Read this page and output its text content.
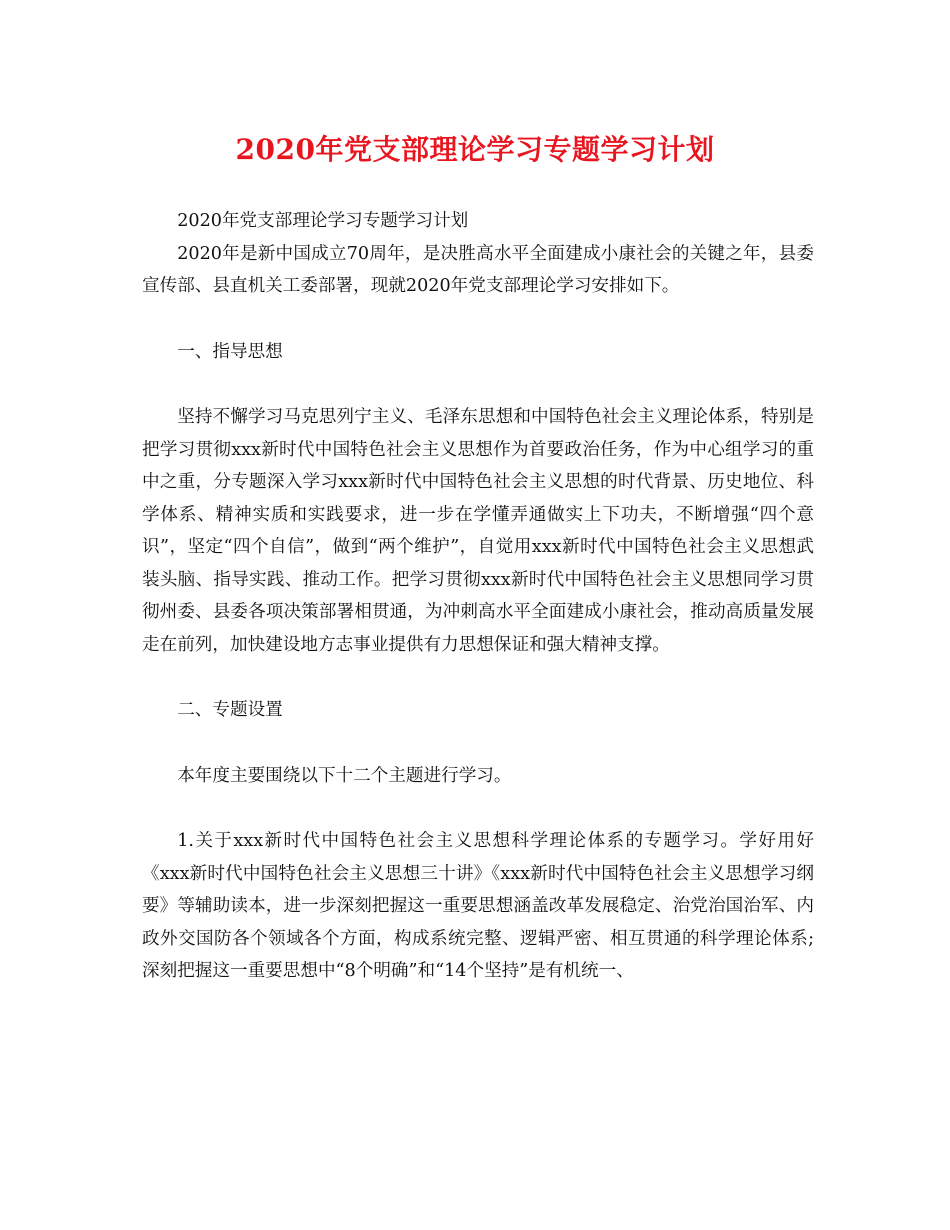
2020年党支部理论学习专题学习计划

2020年党支部理论学习专题学习计划

2020年是新中国成立70周年，是决胜高水平全面建成小康社会的关键之年，县委宣传部、县直机关工委部署，现就2020年党支部理论学习安排如下。

一、指导思想

坚持不懈学习马克思列宁主义、毛泽东思想和中国特色社会主义理论体系，特别是把学习贯彻xxx新时代中国特色社会主义思想作为首要政治任务，作为中心组学习的重中之重，分专题深入学习xxx新时代中国特色社会主义思想的时代背景、历史地位、科学体系、精神实质和实践要求，进一步在学懂弄通做实上下功夫，不断增强“四个意识”，坚定“四个自信”，做到“两个维护”，自觉用xxx新时代中国特色社会主义思想武装头脑、指导实践、推动工作。把学习贯彻xxx新时代中国特色社会主义思想同学习贯彻州委、县委各项决策部署相贯通，为冲刺高水平全面建成小康社会，推动高质量发展走在前列，加快建设地方志事业提供有力思想保证和强大精神支撑。

二、专题设置

本年度主要围绕以下十二个主题进行学习。

1.关于xxx新时代中国特色社会主义思想科学理论体系的专题学习。学好用好《xxx新时代中国特色社会主义思想三十讲》《xxx新时代中国特色社会主义思想学习纲要》等辅助读本，进一步深刻把握这一重要思想涵盖改革发展稳定、治党治国治军、内政外交国防各个领域各个方面，构成系统完整、逻辑严密、相互贯通的科学理论体系;深刻把握这一重要思想中“8个明确”和“14个坚持”是有机统一、
